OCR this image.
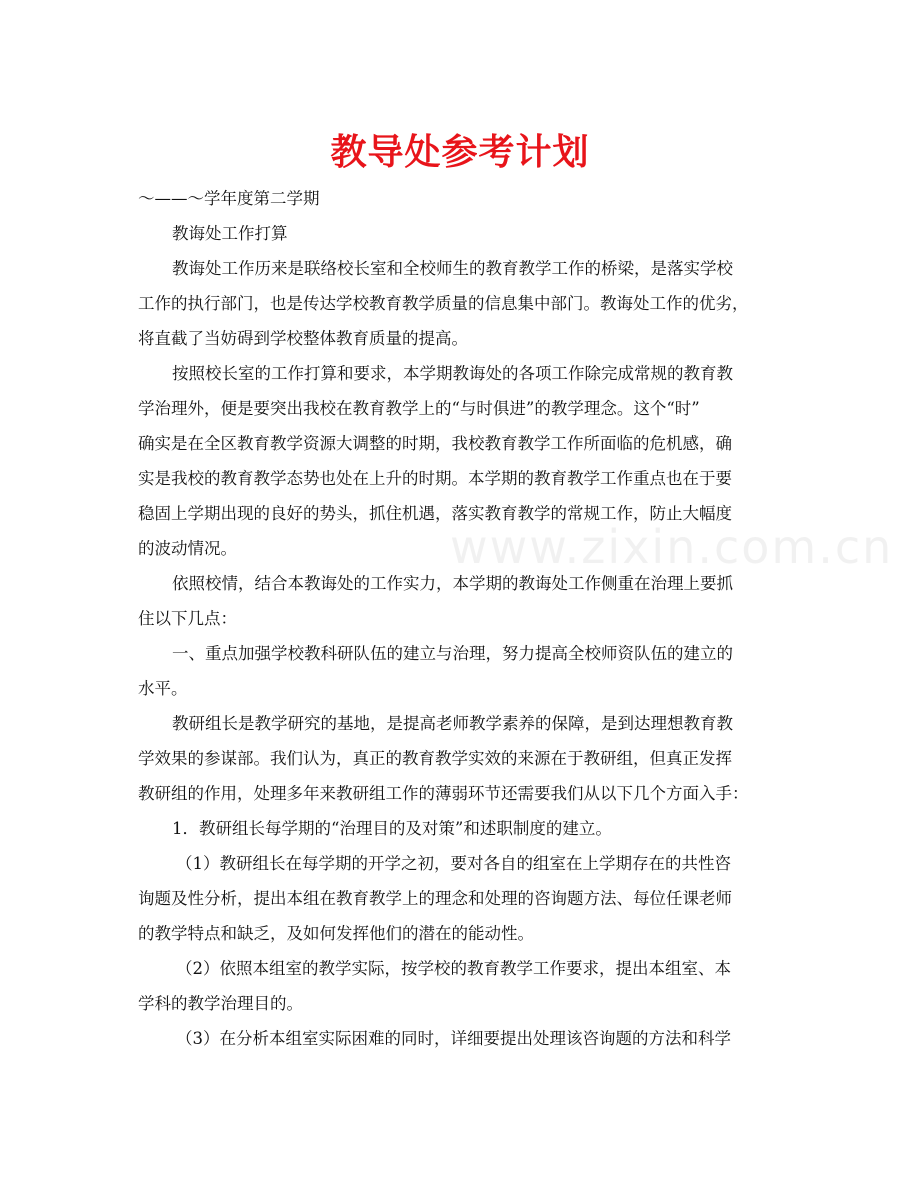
www.zixin.com.cn
教导处参考计划
～——～学年度第二学期
教诲处工作打算
教诲处工作历来是联络校长室和全校师生的教育教学工作的桥梁，是落实学校
工作的执行部门，也是传达学校教育教学质量的信息集中部门。教诲处工作的优劣，
将直截了当妨碍到学校整体教育质量的提高。
按照校长室的工作打算和要求，本学期教诲处的各项工作除完成常规的教育教
学治理外，便是要突出我校在教育教学上的“与时俱进”的教学理念。这个“时”
确实是在全区教育教学资源大调整的时期，我校教育教学工作所面临的危机感，确
实是我校的教育教学态势也处在上升的时期。本学期的教育教学工作重点也在于要
稳固上学期出现的良好的势头，抓住机遇，落实教育教学的常规工作，防止大幅度
的波动情况。
依照校情，结合本教诲处的工作实力，本学期的教诲处工作侧重在治理上要抓
住以下几点：
一、重点加强学校教科研队伍的建立与治理，努力提高全校师资队伍的建立的
水平。
教研组长是教学研究的基地，是提高老师教学素养的保障，是到达理想教育教
学效果的参谋部。我们认为，真正的教育教学实效的来源在于教研组，但真正发挥
教研组的作用，处理多年来教研组工作的薄弱环节还需要我们从以下几个方面入手：
1．教研组长每学期的“治理目的及对策”和述职制度的建立。
（1）教研组长在每学期的开学之初，要对各自的组室在上学期存在的共性咨
询题及性分析，提出本组在教育教学上的理念和处理的咨询题方法、每位任课老师
的教学特点和缺乏，及如何发挥他们的潜在的能动性。
（2）依照本组室的教学实际，按学校的教育教学工作要求，提出本组室、本
学科的教学治理目的。
（3）在分析本组室实际困难的同时，详细要提出处理该咨询题的方法和科学
